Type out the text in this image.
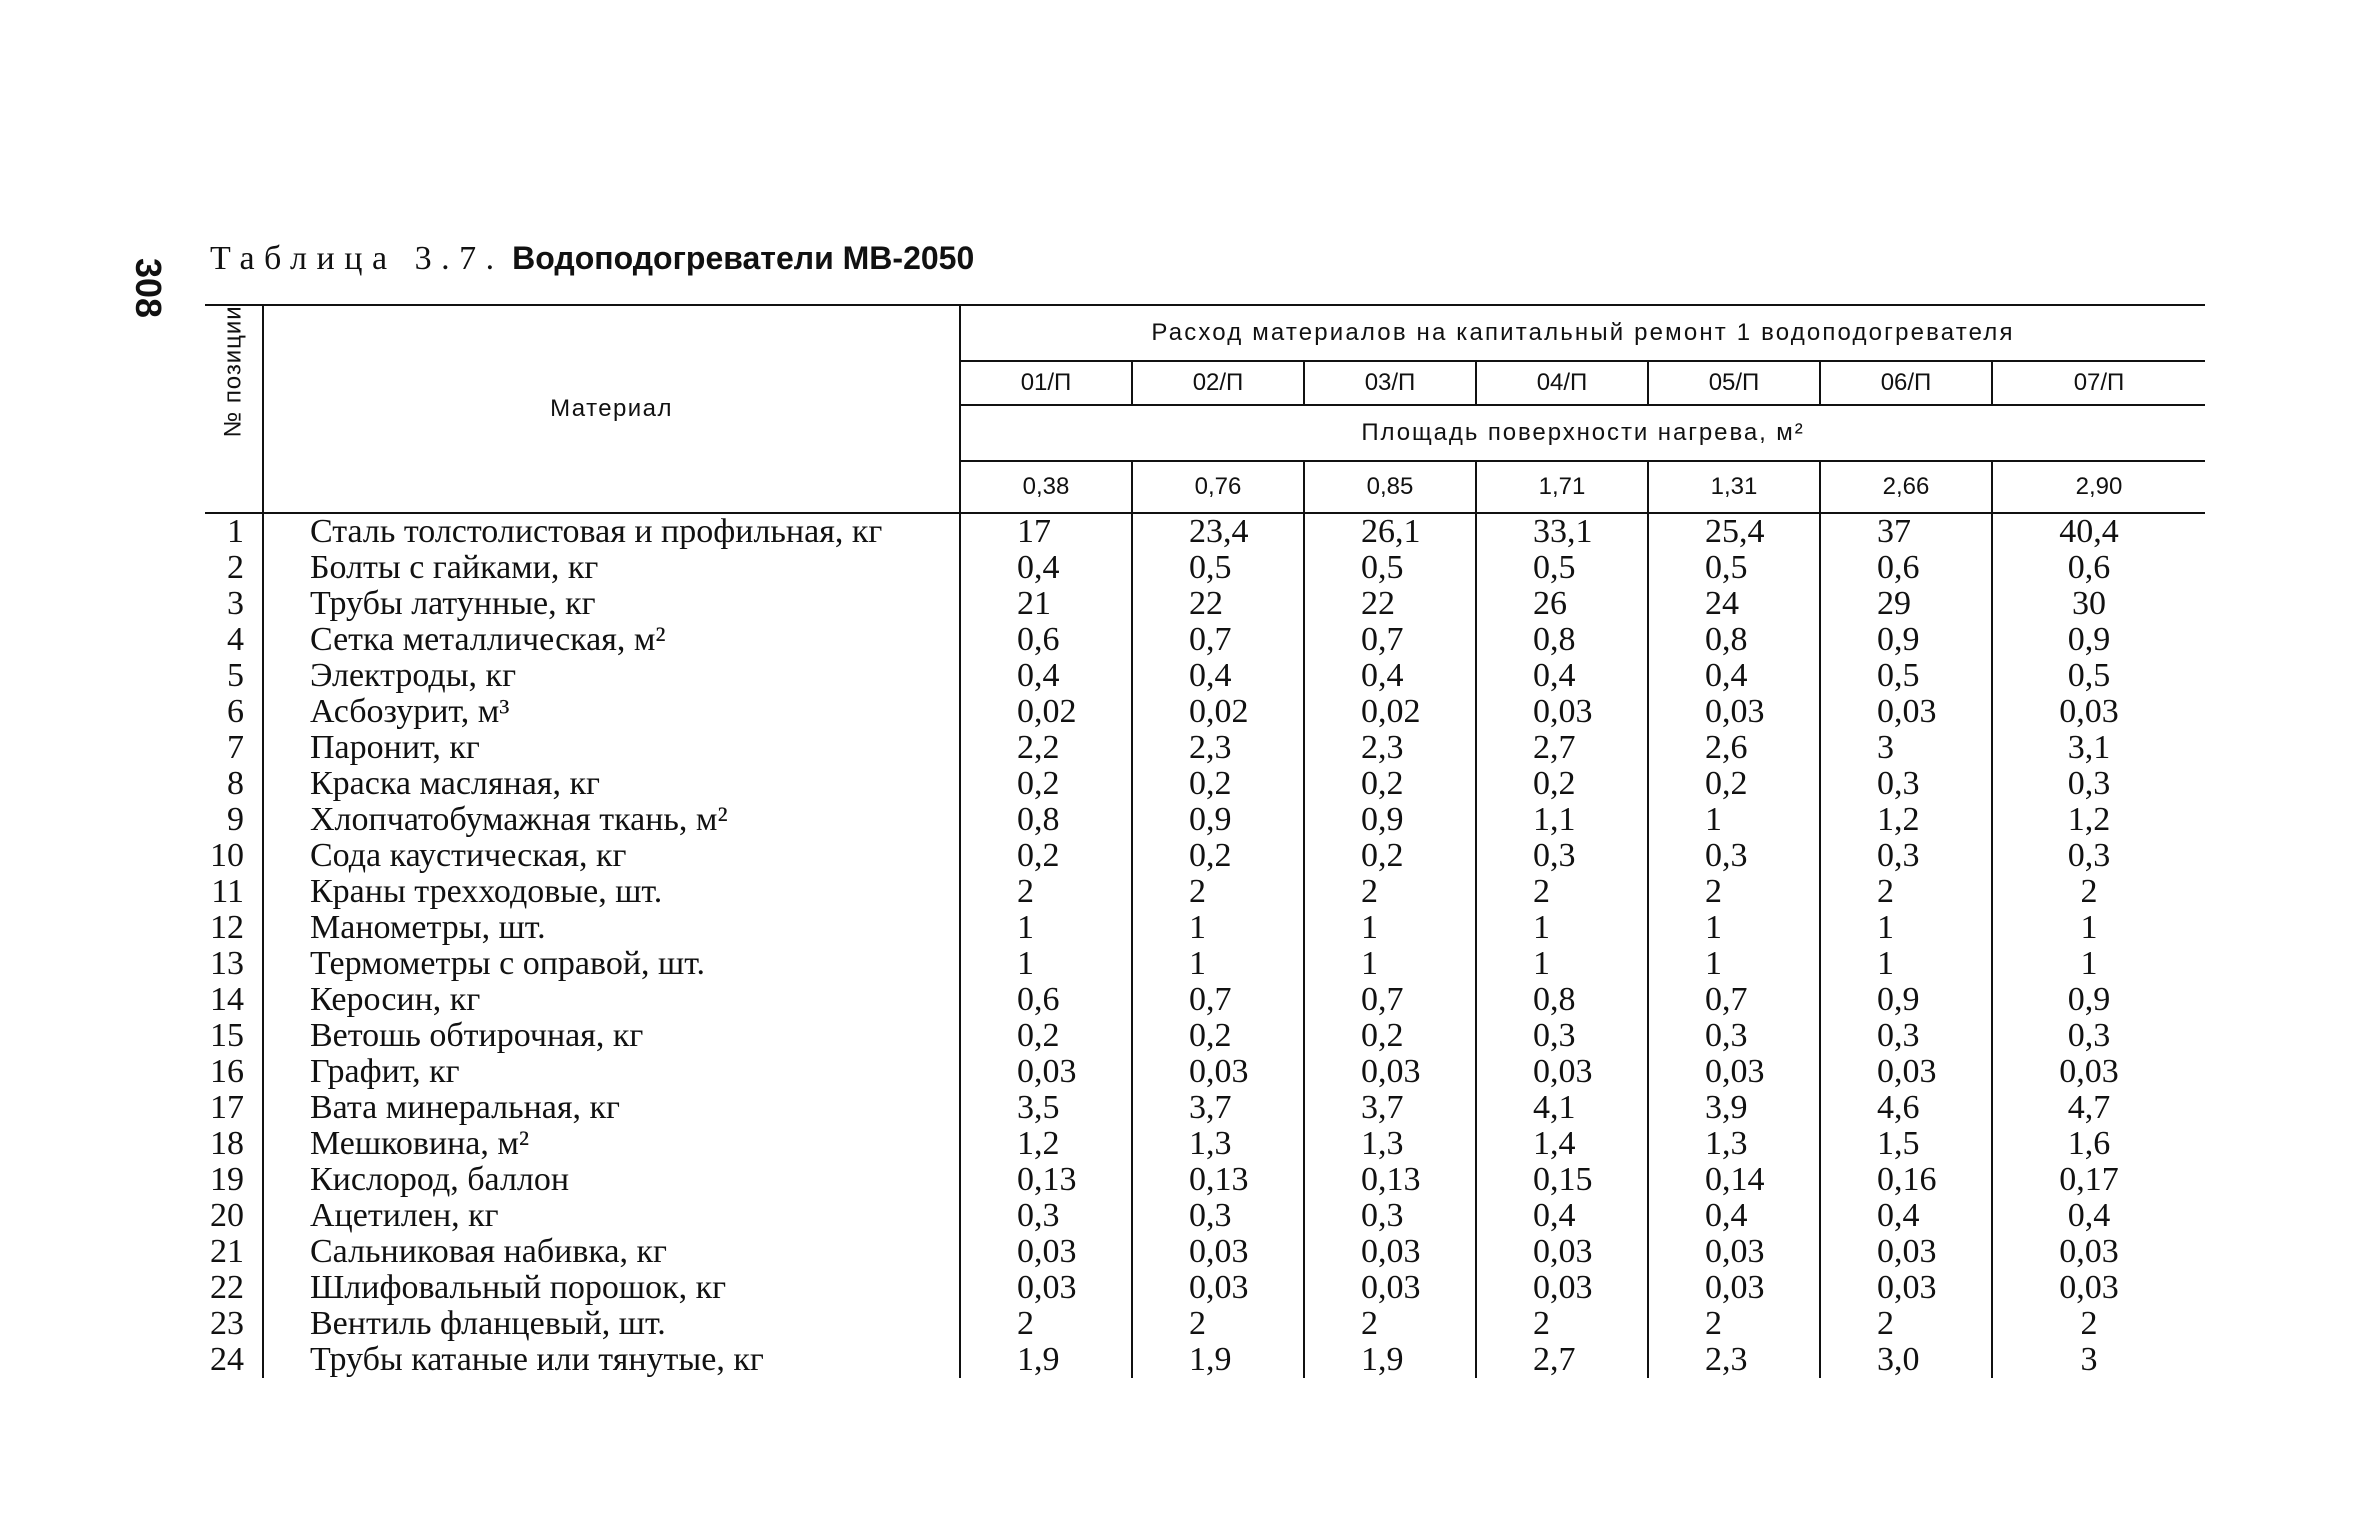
308 Таблица 3.7. Водоподогреватели МВ-2050
№ позиции	Материал	Расход материалов на капитальный ремонт 1 водоподогревателя						
		01/П	02/П	03/П	04/П	05/П	06/П	07/П
		Площадь поверхности нагрева, м²						
		0,38	0,76	0,85	1,71	1,31	2,66	2,90
1	Сталь толстолистовая и профильная, кг	17	23,4	26,1	33,1	25,4	37	40,4
2	Болты с гайками, кг	0,4	0,5	0,5	0,5	0,5	0,6	0,6
3	Трубы латунные, кг	21	22	22	26	24	29	30
4	Сетка металлическая, м²	0,6	0,7	0,7	0,8	0,8	0,9	0,9
5	Электроды, кг	0,4	0,4	0,4	0,4	0,4	0,5	0,5
6	Асбозурит, м³	0,02	0,02	0,02	0,03	0,03	0,03	0,03
7	Паронит, кг	2,2	2,3	2,3	2,7	2,6	3	3,1
8	Краска масляная, кг	0,2	0,2	0,2	0,2	0,2	0,3	0,3
9	Хлопчатобумажная ткань, м²	0,8	0,9	0,9	1,1	1	1,2	1,2
10	Сода каустическая, кг	0,2	0,2	0,2	0,3	0,3	0,3	0,3
11	Краны трехходовые, шт.	2	2	2	2	2	2	2
12	Манометры, шт.	1	1	1	1	1	1	1
13	Термометры с оправой, шт.	1	1	1	1	1	1	1
14	Керосин, кг	0,6	0,7	0,7	0,8	0,7	0,9	0,9
15	Ветошь обтирочная, кг	0,2	0,2	0,2	0,3	0,3	0,3	0,3
16	Графит, кг	0,03	0,03	0,03	0,03	0,03	0,03	0,03
17	Вата минеральная, кг	3,5	3,7	3,7	4,1	3,9	4,6	4,7
18	Мешковина, м²	1,2	1,3	1,3	1,4	1,3	1,5	1,6
19	Кислород, баллон	0,13	0,13	0,13	0,15	0,14	0,16	0,17
20	Ацетилен, кг	0,3	0,3	0,3	0,4	0,4	0,4	0,4
21	Сальниковая набивка, кг	0,03	0,03	0,03	0,03	0,03	0,03	0,03
22	Шлифовальный порошок, кг	0,03	0,03	0,03	0,03	0,03	0,03	0,03
23	Вентиль фланцевый, шт.	2	2	2	2	2	2	2
24	Трубы катаные или тянутые, кг	1,9	1,9	1,9	2,7	2,3	3,0	3
